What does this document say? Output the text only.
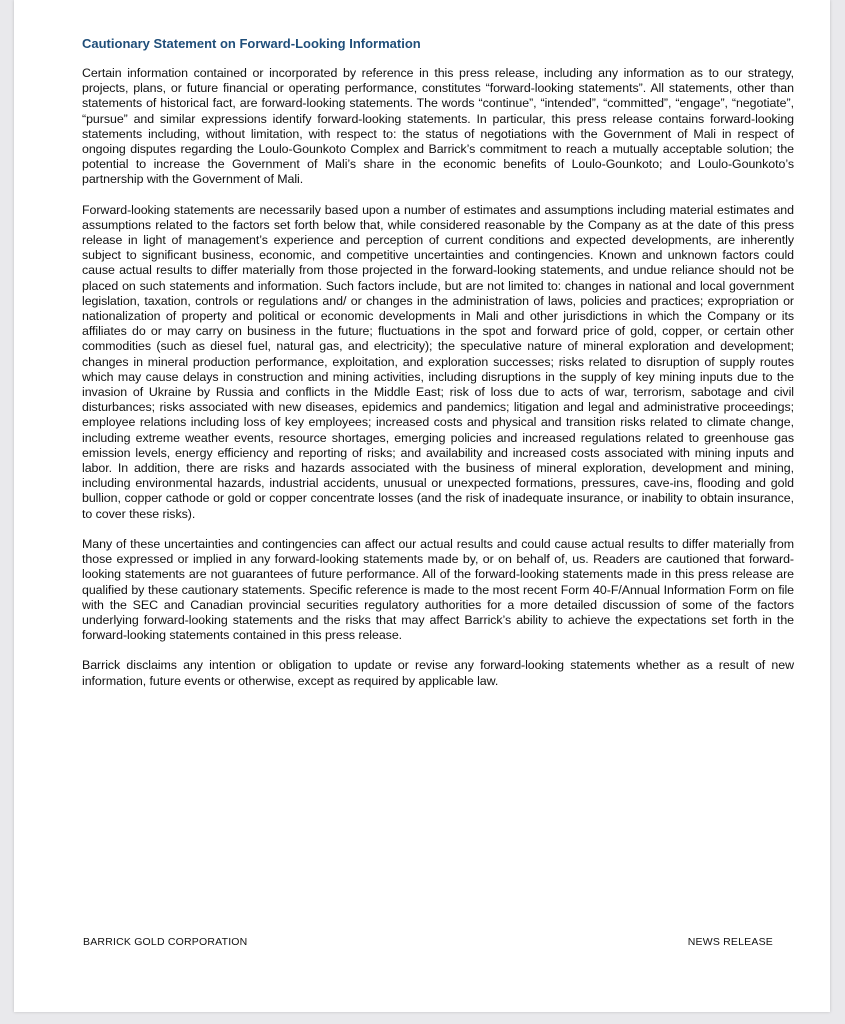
Cautionary Statement on Forward-Looking Information

Certain information contained or incorporated by reference in this press release, including any information as to our strategy, projects, plans, or future financial or operating performance, constitutes “forward-looking statements”. All statements, other than statements of historical fact, are forward-looking statements. The words “continue”, “intended”, “committed”, “engage”, “negotiate”, “pursue” and similar expressions identify forward-looking statements. In particular, this press release contains forward-looking statements including, without limitation, with respect to: the status of negotiations with the Government of Mali in respect of ongoing disputes regarding the Loulo-Gounkoto Complex and Barrick’s commitment to reach a mutually acceptable solution; the potential to increase the Government of Mali’s share in the economic benefits of Loulo-Gounkoto; and Loulo-Gounkoto’s partnership with the Government of Mali.

Forward-looking statements are necessarily based upon a number of estimates and assumptions including material estimates and assumptions related to the factors set forth below that, while considered reasonable by the Company as at the date of this press release in light of management’s experience and perception of current conditions and expected developments, are inherently subject to significant business, economic, and competitive uncertainties and contingencies. Known and unknown factors could cause actual results to differ materially from those projected in the forward-looking statements, and undue reliance should not be placed on such statements and information. Such factors include, but are not limited to: changes in national and local government legislation, taxation, controls or regulations and/ or changes in the administration of laws, policies and practices; expropriation or nationalization of property and political or economic developments in Mali and other jurisdictions in which the Company or its affiliates do or may carry on business in the future; fluctuations in the spot and forward price of gold, copper, or certain other commodities (such as diesel fuel, natural gas, and electricity); the speculative nature of mineral exploration and development; changes in mineral production performance, exploitation, and exploration successes; risks related to disruption of supply routes which may cause delays in construction and mining activities, including disruptions in the supply of key mining inputs due to the invasion of Ukraine by Russia and conflicts in the Middle East; risk of loss due to acts of war, terrorism, sabotage and civil disturbances; risks associated with new diseases, epidemics and pandemics; litigation and legal and administrative proceedings; employee relations including loss of key employees; increased costs and physical and transition risks related to climate change, including extreme weather events, resource shortages, emerging policies and increased regulations related to greenhouse gas emission levels, energy efficiency and reporting of risks; and availability and increased costs associated with mining inputs and labor. In addition, there are risks and hazards associated with the business of mineral exploration, development and mining, including environmental hazards, industrial accidents, unusual or unexpected formations, pressures, cave-ins, flooding and gold bullion, copper cathode or gold or copper concentrate losses (and the risk of inadequate insurance, or inability to obtain insurance, to cover these risks).

Many of these uncertainties and contingencies can affect our actual results and could cause actual results to differ materially from those expressed or implied in any forward-looking statements made by, or on behalf of, us. Readers are cautioned that forward-looking statements are not guarantees of future performance. All of the forward-looking statements made in this press release are qualified by these cautionary statements. Specific reference is made to the most recent Form 40-F/Annual Information Form on file with the SEC and Canadian provincial securities regulatory authorities for a more detailed discussion of some of the factors underlying forward-looking statements and the risks that may affect Barrick’s ability to achieve the expectations set forth in the forward-looking statements contained in this press release.

Barrick disclaims any intention or obligation to update or revise any forward-looking statements whether as a result of new information, future events or otherwise, except as required by applicable law.

BARRICK GOLD CORPORATION	NEWS RELEASE
